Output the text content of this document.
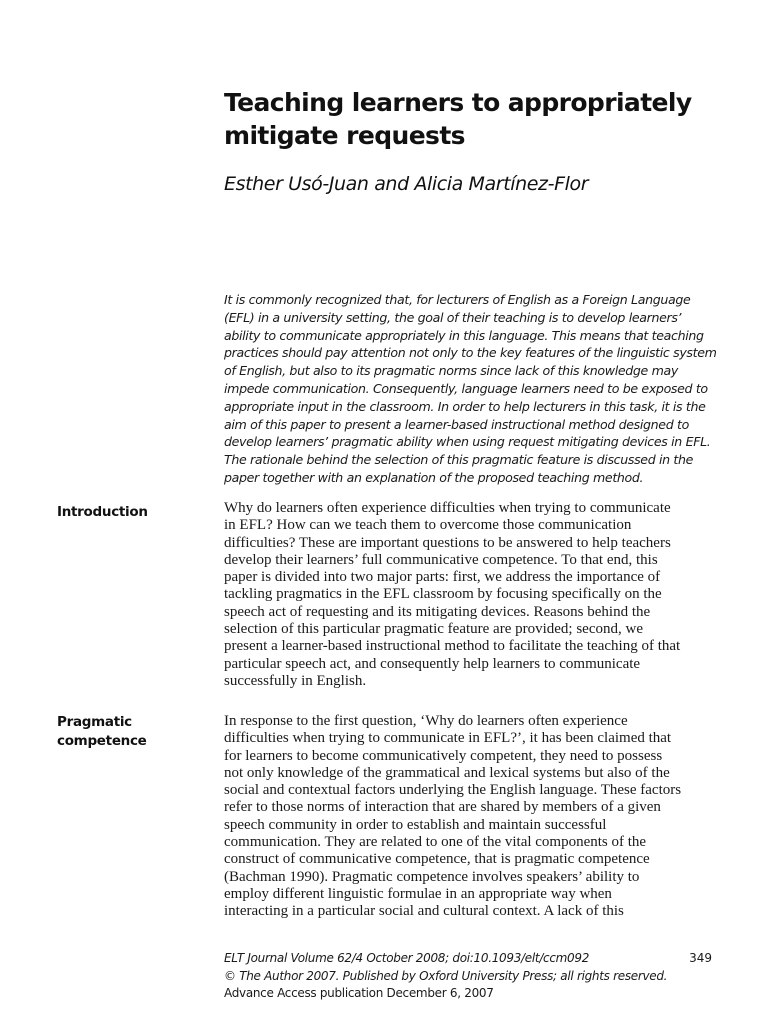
Teaching learners to appropriately
mitigate requests

Esther Usó-Juan and Alicia Martínez-Flor

It is commonly recognized that, for lecturers of English as a Foreign Language
(EFL) in a university setting, the goal of their teaching is to develop learners’
ability to communicate appropriately in this language. This means that teaching
practices should pay attention not only to the key features of the linguistic system
of English, but also to its pragmatic norms since lack of this knowledge may
impede communication. Consequently, language learners need to be exposed to
appropriate input in the classroom. In order to help lecturers in this task, it is the
aim of this paper to present a learner-based instructional method designed to
develop learners’ pragmatic ability when using request mitigating devices in EFL.
The rationale behind the selection of this pragmatic feature is discussed in the
paper together with an explanation of the proposed teaching method.
Introduction	Why do learners often experience difficulties when trying to communicate
in EFL? How can we teach them to overcome those communication
difficulties? These are important questions to be answered to help teachers
develop their learners’ full communicative competence. To that end, this
paper is divided into two major parts: first, we address the importance of
tackling pragmatics in the EFL classroom by focusing specifically on the
speech act of requesting and its mitigating devices. Reasons behind the
selection of this particular pragmatic feature are provided; second, we
present a learner-based instructional method to facilitate the teaching of that
particular speech act, and consequently help learners to communicate
successfully in English.
Pragmatic
competence
In response to the first question, ‘Why do learners often experience
difficulties when trying to communicate in EFL?’, it has been claimed that
for learners to become communicatively competent, they need to possess
not only knowledge of the grammatical and lexical systems but also of the
social and contextual factors underlying the English language. These factors
refer to those norms of interaction that are shared by members of a given
speech community in order to establish and maintain successful
communication. They are related to one of the vital components of the
construct of communicative competence, that is pragmatic competence
(Bachman 1990). Pragmatic competence involves speakers’ ability to
employ different linguistic formulae in an appropriate way when
interacting in a particular social and cultural context. A lack of this
ELT Journal Volume 62/4 October 2008; doi:10.1093/elt/ccm092
© The Author 2007. Published by Oxford University Press; all rights reserved.
Advance Access publication December 6, 2007
349
